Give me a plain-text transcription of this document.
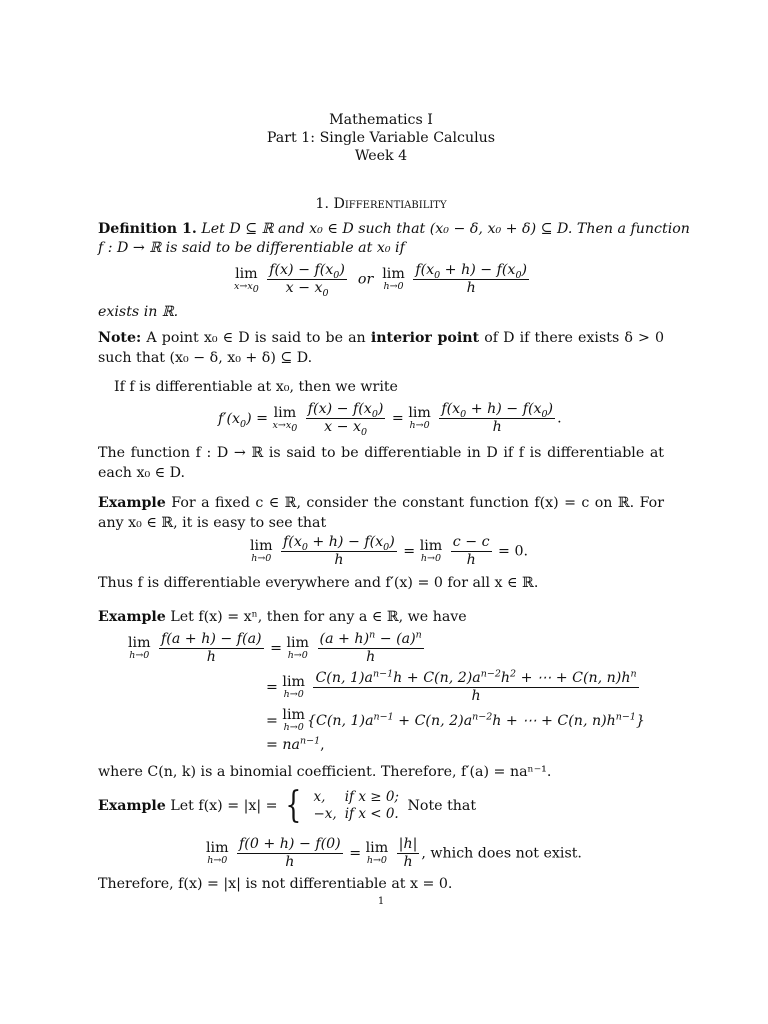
Mathematics I
Part 1: Single Variable Calculus
Week 4
1. Differentiability
Definition 1. Let D ⊆ ℝ and x₀ ∈ D such that (x₀ − δ, x₀ + δ) ⊆ D. Then a function
f : D → ℝ is said to be differentiable at x₀ if
lim
$x\to x_0$
$\frac{f(x) - f(x_0)}{x - x_0}$ or lim
h→0
$\frac{f(x_0 + h) - f(x_0)}{h}$
exists in ℝ.
Note: A point x₀ ∈ D is said to be an interior point of D if there exists δ > 0 such that (x₀ − δ, x₀ + δ) ⊆ D.
If f is differentiable at x₀, then we write
$f'(x_0) = \lim$
$x\to x_0$
$\frac{f(x) - f(x_0)}{x - x_0} = \lim$
h→0
$\frac{f(x_0 + h) - f(x_0)}{h}$ .
The function f : D → ℝ is said to be differentiable in D if f is differentiable at each x₀ ∈ D.
Example For a fixed c ∈ ℝ, consider the constant function f(x) = c on ℝ. For any x₀ ∈ ℝ, it is easy to see that
lim
h→0
$\frac{f(x_0 + h) - f(x_0)}{h} = \lim$
h→0
$\frac{c - c}{h} = 0$.
Thus f is differentiable everywhere and f′(x) = 0 for all x ∈ ℝ.
Example Let f(x) = xⁿ, then for any a ∈ ℝ, we have
lim
h→0
$\frac{f(a + h) - f(a)}{h} = \lim$
h→0
$\frac{(a + h)^n - (a)^n}{h}$
= lim
h→0
$\frac{C(n, 1)a^{n-1}h + C(n, 2)a^{n-2}h^2 + \cdots + C(n, n)h^n}{h}$
= lim
h→0 {C(n, $1)a^{n-1} + C(n$, $2)a^{n-2}h$ + ⋯ + C(n, $n)h^{n-1}$}
= $na^{n-1}$,
where C(n, k) is a binomial coefficient. Therefore, f′(a) = naⁿ⁻¹.
Example Let f(x) = |x| = { x,	if x ≥ 0;
−x,	if x < 0. Note that
lim
h→0
$\frac{f(0 + h) - f(0)}{h} = \lim$
h→0
$\frac{|h|}{h}$ , which does not exist.
Therefore, f(x) = |x| is not differentiable at x = 0.
1
